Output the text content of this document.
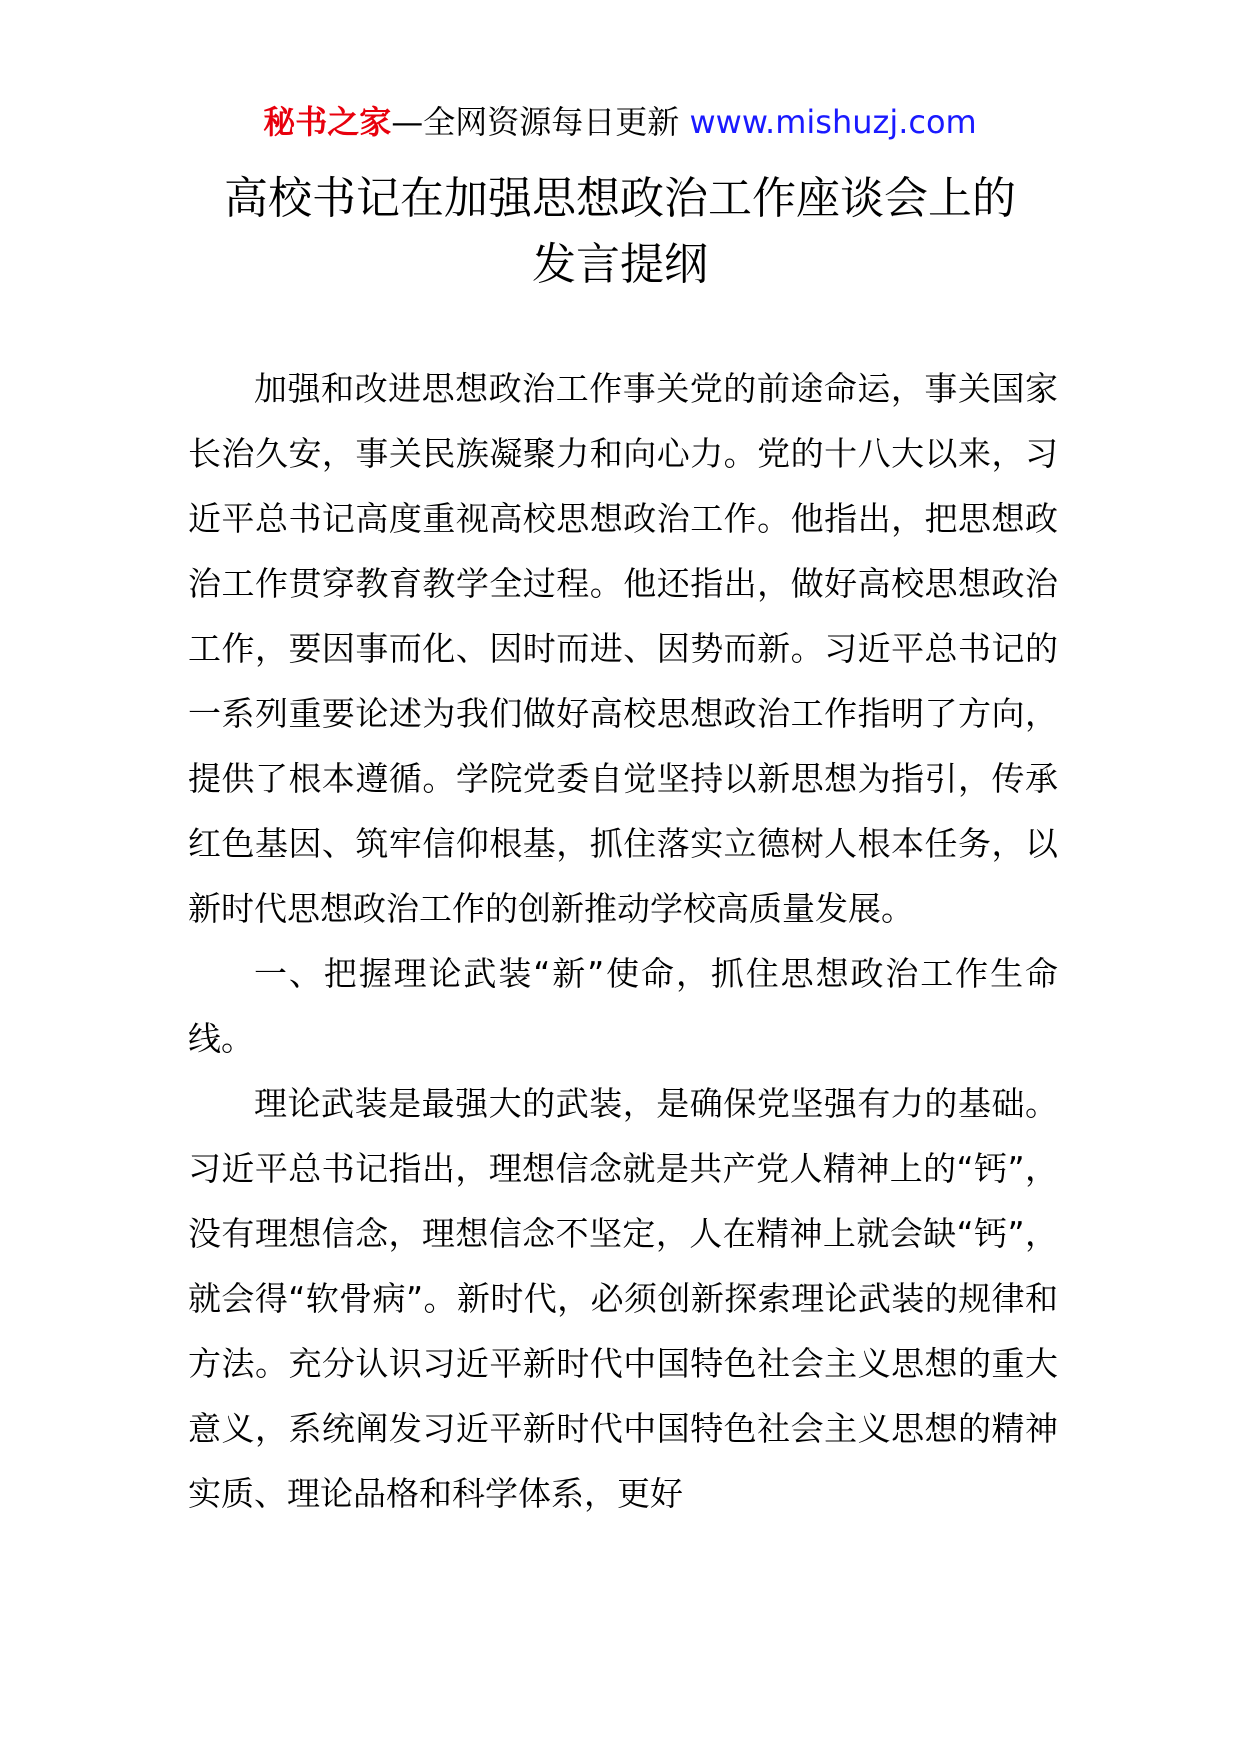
秘书之家—全网资源每日更新 www.mishuzj.com
高校书记在加强思想政治工作座谈会上的
发言提纲

加强和改进思想政治工作事关党的前途命运，事关国家长治久安，事关民族凝聚力和向心力。党的十八大以来，习近平总书记高度重视高校思想政治工作。他指出，把思想政治工作贯穿教育教学全过程。他还指出，做好高校思想政治工作，要因事而化、因时而进、因势而新。习近平总书记的一系列重要论述为我们做好高校思想政治工作指明了方向，提供了根本遵循。学院党委自觉坚持以新思想为指引，传承红色基因、筑牢信仰根基，抓住落实立德树人根本任务，以新时代思想政治工作的创新推动学校高质量发展。

一、把握理论武装“新”使命，抓住思想政治工作生命线。

理论武装是最强大的武装，是确保党坚强有力的基础。习近平总书记指出，理想信念就是共产党人精神上的“钙”，没有理想信念，理想信念不坚定，人在精神上就会缺“钙”，就会得“软骨病”。新时代，必须创新探索理论武装的规律和方法。充分认识习近平新时代中国特色社会主义思想的重大意义，系统阐发习近平新时代中国特色社会主义思想的精神实质、理论品格和科学体系，更好
